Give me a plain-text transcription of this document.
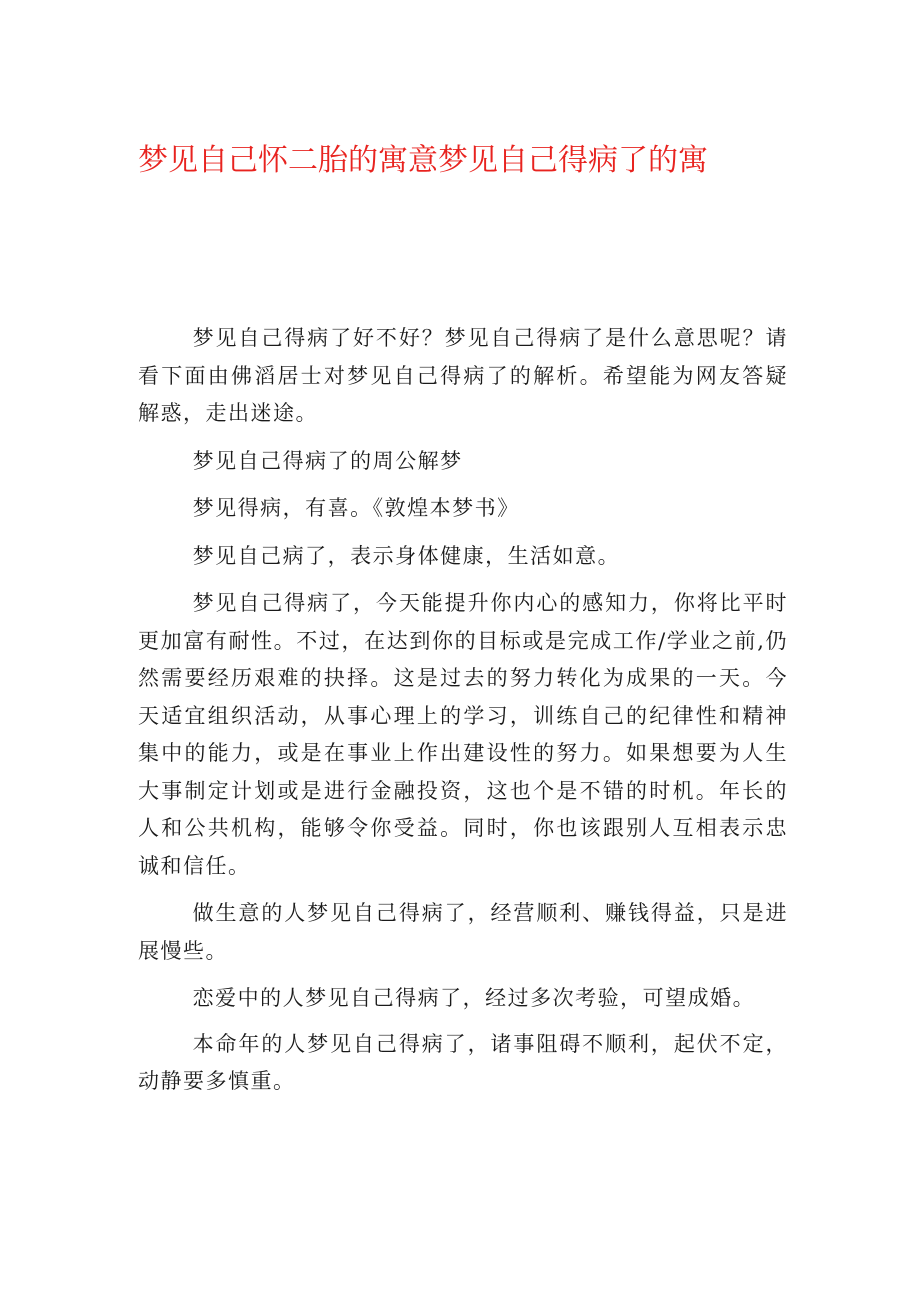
梦见自己怀二胎的寓意梦见自己得病了的寓

梦见自己得病了好不好？梦见自己得病了是什么意思呢？请看下面由佛滔居士对梦见自己得病了的解析。希望能为网友答疑解惑，走出迷途。

梦见自己得病了的周公解梦

梦见得病，有喜。《敦煌本梦书》

梦见自己病了，表示身体健康，生活如意。

梦见自己得病了，今天能提升你内心的感知力，你将比平时更加富有耐性。不过，在达到你的目标或是完成工作/学业之前,仍然需要经历艰难的抉择。这是过去的努力转化为成果的一天。今天适宜组织活动，从事心理上的学习，训练自己的纪律性和精神集中的能力，或是在事业上作出建设性的努力。如果想要为人生大事制定计划或是进行金融投资，这也个是不错的时机。年长的人和公共机构，能够令你受益。同时，你也该跟别人互相表示忠诚和信任。

做生意的人梦见自己得病了，经营顺利、赚钱得益，只是进展慢些。

恋爱中的人梦见自己得病了，经过多次考验，可望成婚。

本命年的人梦见自己得病了，诸事阻碍不顺利，起伏不定，动静要多慎重。
